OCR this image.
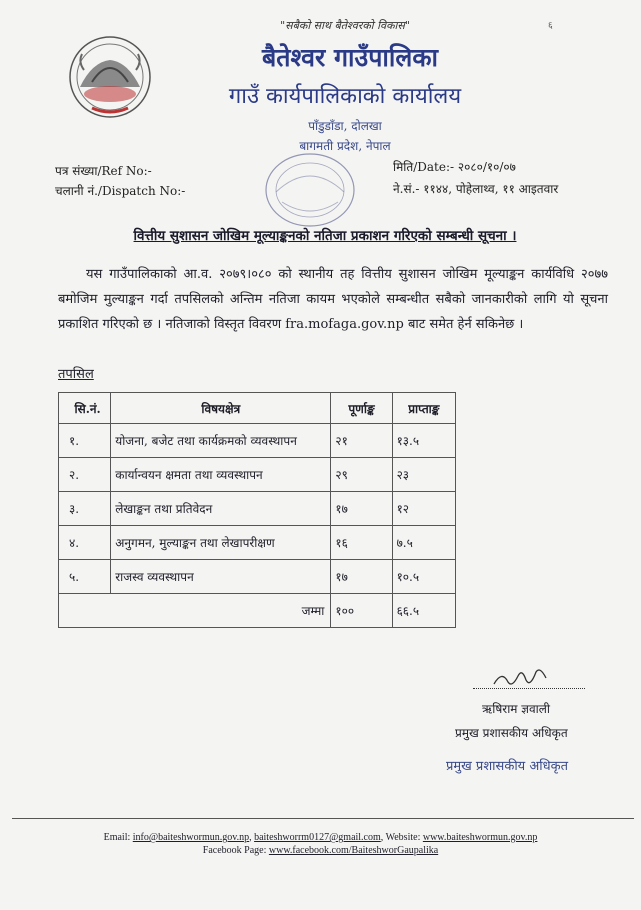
"सबैको साथ बैतेश्वरको विकास"	६
बैतेश्वर गाउँपालिका
गाउँ कार्यपालिकाको कार्यालय
पाँडुडाँडा, दोलखा
बागमती प्रदेश, नेपाल
पत्र संख्या/Ref No:-
चलानी नं./Dispatch No:-
मिति/Date:- २०८०/१०/०७
ने.सं.- ११४४, पोहेलाथ्व, ११ आइतवार
वित्तीय सुशासन जोखिम मूल्याङ्कनको नतिजा प्रकाशन गरिएको सम्बन्धी सूचना ।
यस गाउँपालिकाको आ.व. २०७९।०८० को स्थानीय तह वित्तीय सुशासन जोखिम मूल्याङ्कन कार्यविधि २०७७ बमोजिम मुल्याङ्कन गर्दा तपसिलको अन्तिम नतिजा कायम भएकोले सम्बन्धीत सबैको जानकारीको लागि यो सूचना प्रकाशित गरिएको छ । नतिजाको विस्तृत विवरण fra.mofaga.gov.np बाट समेत हेर्न सकिनेछ ।
तपसिल
सि.नं.	विषयक्षेत्र	पूर्णाङ्क	प्राप्ताङ्क
१.	योजना, बजेट तथा कार्यक्रमको व्यवस्थापन	२१	१३.५
२.	कार्यान्वयन क्षमता तथा व्यवस्थापन	२९	२३
३.	लेखाङ्कन तथा प्रतिवेदन	१७	१२
४.	अनुगमन, मुल्याङ्कन तथा लेखापरीक्षण	१६	७.५
५.	राजस्व व्यवस्थापन	१७	१०.५
जम्मा		१००	६६.५
ऋषिराम ज्ञवाली
प्रमुख प्रशासकीय अधिकृत
प्रमुख प्रशासकीय अधिकृत
Email: info@baiteshwormun.gov.np, baiteshworrm0127@gmail.com, Website: www.baiteshwormun.gov.np
Facebook Page: www.facebook.com/BaiteshworGaupalika
